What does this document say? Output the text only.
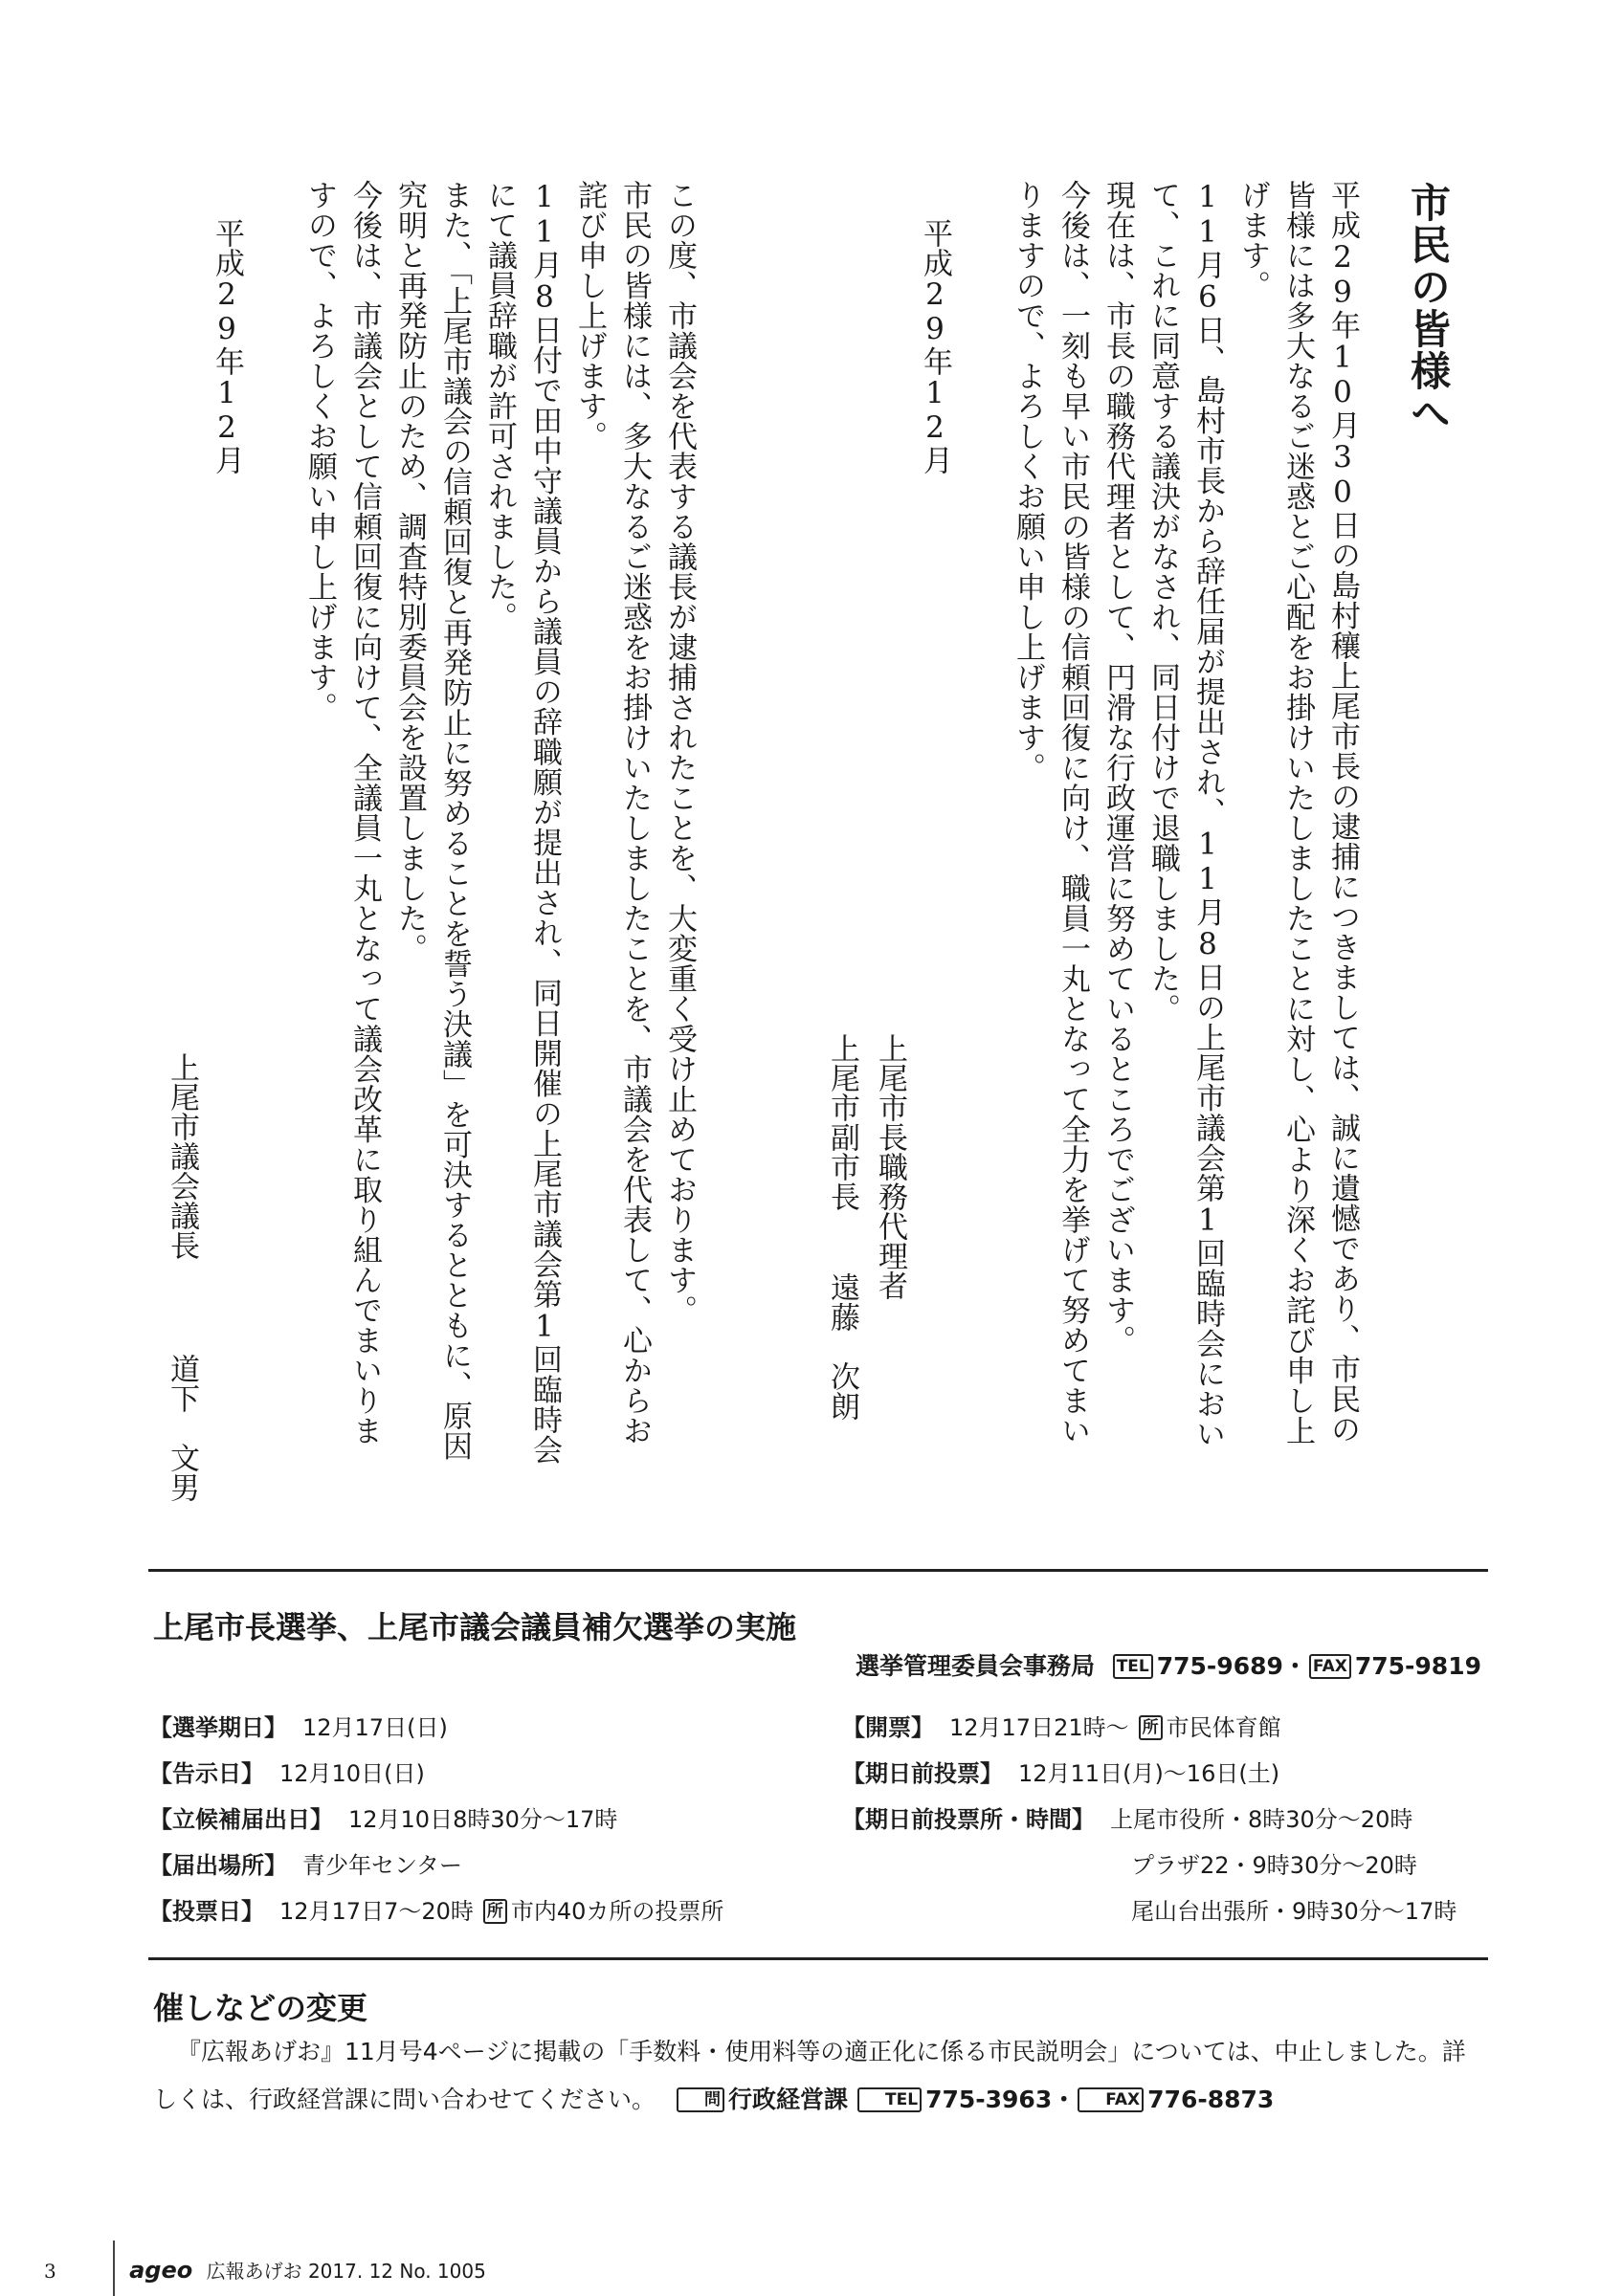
市民の皆様へ

平成29年10月30日の島村穰上尾市長の逮捕につきましては、誠に遺憾であり、市民の皆様には多大なるご迷惑とご心配をお掛けいたしましたことに対し、心より深くお詫び申し上げます。

11月6日、島村市長から辞任届が提出され、11月8日の上尾市議会第1回臨時会において、これに同意する議決がなされ、同日付けで退職しました。

現在は、市長の職務代理者として、円滑な行政運営に努めているところでございます。

今後は、一刻も早い市民の皆様の信頼回復に向け、職員一丸となって全力を挙げて努めてまいりますので、よろしくお願い申し上げます。

平成29年12月
上尾市長職務代理者
上尾市副市長
遠藤　次朗

この度、市議会を代表する議長が逮捕されたことを、大変重く受け止めております。

市民の皆様には、多大なるご迷惑をお掛けいたしましたことを、市議会を代表して、心からお詫び申し上げます。

11月8日付で田中守議員から議員の辞職願が提出され、同日開催の上尾市議会第1回臨時会にて議員辞職が許可されました。

また、「上尾市議会の信頼回復と再発防止に努めることを誓う決議」を可決するとともに、原因究明と再発防止のため、調査特別委員会を設置しました。

今後は、市議会として信頼回復に向けて、全議員一丸となって議会改革に取り組んでまいりますので、よろしくお願い申し上げます。

平成29年12月
上尾市議会議長
道下　文男
上尾市長選挙、上尾市議会議員補欠選挙の実施
選挙管理委員会事務局 TEL 775-9689・ FAX 775-9819
【選挙期日】 12月17日(日)
【告示日】 12月10日(日)
【立候補届出日】 12月10日8時30分～17時
【届出場所】 青少年センター
【投票日】 12月17日7～20時 所 市内40カ所の投票所
【開票】 12月17日21時～ 所 市民体育館
【期日前投票】 12月11日(月)～16日(土)
【期日前投票所・時間】 上尾市役所・8時30分～20時
プラザ22・9時30分～20時
尾山台出張所・9時30分～17時
催しなどの変更
『広報あげお』11月号4ページに掲載の「手数料・使用料等の適正化に係る市民説明会」については、中止しました。詳しくは、行政経営課に問い合わせてください。	問 行政経営課 TEL 775-3963・ FAX 776-8873
3	ageo 広報あげお 2017. 12 No. 1005
